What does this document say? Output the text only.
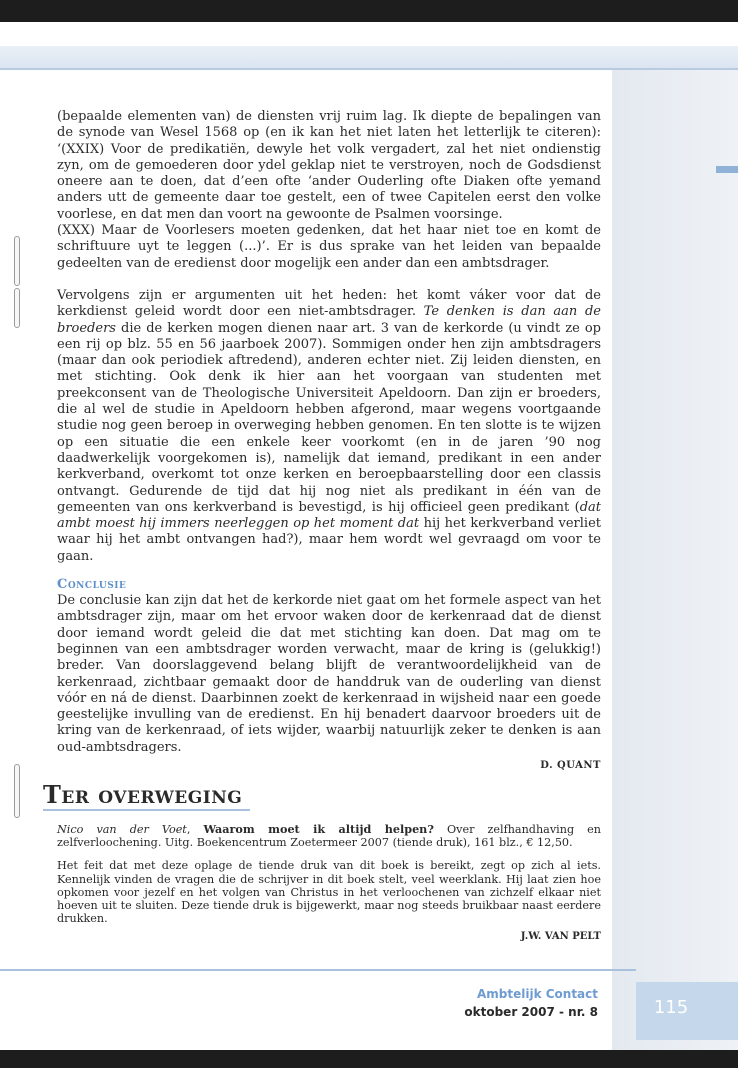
(bepaalde elementen van) de diensten vrij ruim lag. Ik diepte de bepalingen van de synode van Wesel 1568 op (en ik kan het niet laten het letterlijk te citeren): ‘(XXIX) Voor de predikatiën, dewyle het volk vergadert, zal het niet ondienstig zyn, om de gemoederen door ydel geklap niet te verstroyen, noch de Godsdienst oneere aan te doen, dat d’een ofte ‘ander Ouderling ofte Diaken ofte yemand anders utt de gemeente daar toe gestelt, een of twee Capitelen eerst den volke voorlese, en dat men dan voort na gewoonte de Psalmen voorsinge.
(XXX) Maar de Voorlesers moeten gedenken, dat het haar niet toe en komt de schriftuure uyt te leggen (...)’. Er is dus sprake van het leiden van bepaalde gedeelten van de eredienst door mogelijk een ander dan een ambtsdrager.

Vervolgens zijn er argumenten uit het heden: het komt váker voor dat de kerkdienst geleid wordt door een niet-ambtsdrager. Te denken is dan aan de broeders die de kerken mogen dienen naar art. 3 van de kerkorde (u vindt ze op een rij op blz. 55 en 56 jaarboek 2007). Sommigen onder hen zijn ambtsdragers (maar dan ook periodiek aftredend), anderen echter niet. Zij leiden diensten, en met stichting. Ook denk ik hier aan het voorgaan van studenten met preekconsent van de Theologische Universiteit Apeldoorn. Dan zijn er broeders, die al wel de studie in Apeldoorn hebben afgerond, maar wegens voortgaande studie nog geen beroep in overweging hebben genomen. En ten slotte is te wijzen op een situatie die een enkele keer voorkomt (en in de jaren ’90 nog daadwerkelijk voorgekomen is), namelijk dat iemand, predikant in een ander kerkverband, overkomt tot onze kerken en beroepbaarstelling door een classis ontvangt. Gedurende de tijd dat hij nog niet als predikant in één van de gemeenten van ons kerkverband is bevestigd, is hij officieel geen predikant (dat ambt moest hij immers neerleggen op het moment dat hij het kerkverband verliet waar hij het ambt ontvangen had?), maar hem wordt wel gevraagd om voor te gaan.

Conclusie

De conclusie kan zijn dat het de kerkorde niet gaat om het formele aspect van het ambtsdrager zijn, maar om het ervoor waken door de kerkenraad dat de dienst door iemand wordt geleid die dat met stichting kan doen. Dat mag om te beginnen van een ambtsdrager worden verwacht, maar de kring is (gelukkig!) breder. Van doorslaggevend belang blijft de verantwoordelijkheid van de kerkenraad, zichtbaar gemaakt door de handdruk van de ouderling van dienst vóór en ná de dienst. Daarbinnen zoekt de kerkenraad in wijsheid naar een goede geestelijke invulling van de eredienst. En hij benadert daarvoor broeders uit de kring van de kerkenraad, of iets wijder, waarbij natuurlijk zeker te denken is aan oud-ambtsdragers.

D. QUANT

Ter overweging

Nico van der Voet, Waarom moet ik altijd helpen? Over zelfhandhaving en zelfverloochening. Uitg. Boekencentrum Zoetermeer 2007 (tiende druk), 161 blz., € 12,50.

Het feit dat met deze oplage de tiende druk van dit boek is bereikt, zegt op zich al iets. Kennelijk vinden de vragen die de schrijver in dit boek stelt, veel weerklank. Hij laat zien hoe opkomen voor jezelf en het volgen van Christus in het verloochenen van zichzelf elkaar niet hoeven uit te sluiten. Deze tiende druk is bijgewerkt, maar nog steeds bruikbaar naast eerdere drukken.

J.W. VAN PELT

Ambtelijk Contact
oktober 2007 - nr. 8	115
